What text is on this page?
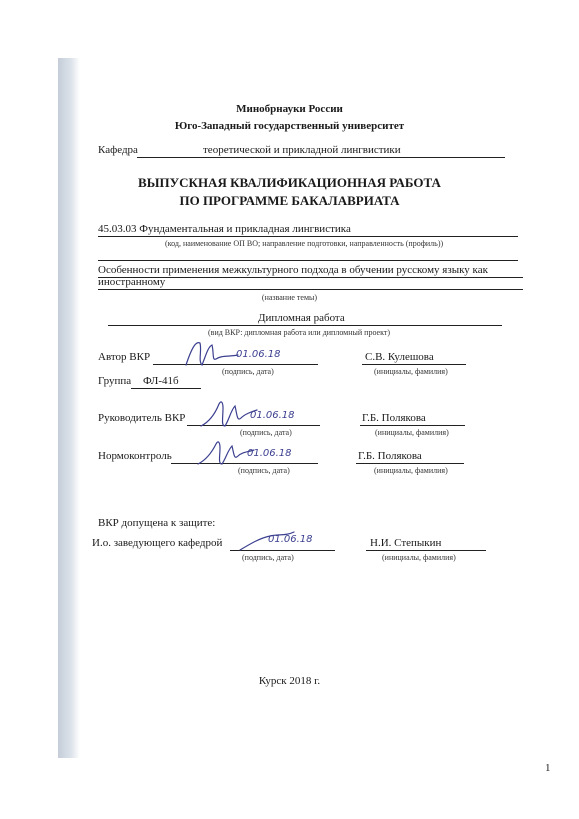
Минобрнауки России
Юго-Западный государственный университет
Кафедра	теоретической и прикладной лингвистики
ВЫПУСКНАЯ КВАЛИФИКАЦИОННАЯ РАБОТА
ПО ПРОГРАММЕ БАКАЛАВРИАТА
45.03.03 Фундаментальная и прикладная лингвистика
(код, наименование ОП ВО; направление подготовки, направленность (профиль))
Особенности применения межкультурного подхода в обучении русскому языку как
иностранному
(название темы)
Дипломная работа
(вид ВКР: дипломная работа или дипломный проект)
Автор ВКР	01.06.18
(подпись, дата)
С.В. Кулешова
(инициалы, фамилия)
Группа ФЛ-41б
Руководитель ВКР	01.06.18
(подпись, дата)
Г.Б. Полякова
(инициалы, фамилия)
Нормоконтроль	01.06.18
(подпись, дата)
Г.Б. Полякова
(инициалы, фамилия)
ВКР допущена к защите:
И.о. заведующего кафедрой	01.06.18
(подпись, дата)
Н.И. Степыкин
(инициалы, фамилия)
Курск 2018 г.
1
